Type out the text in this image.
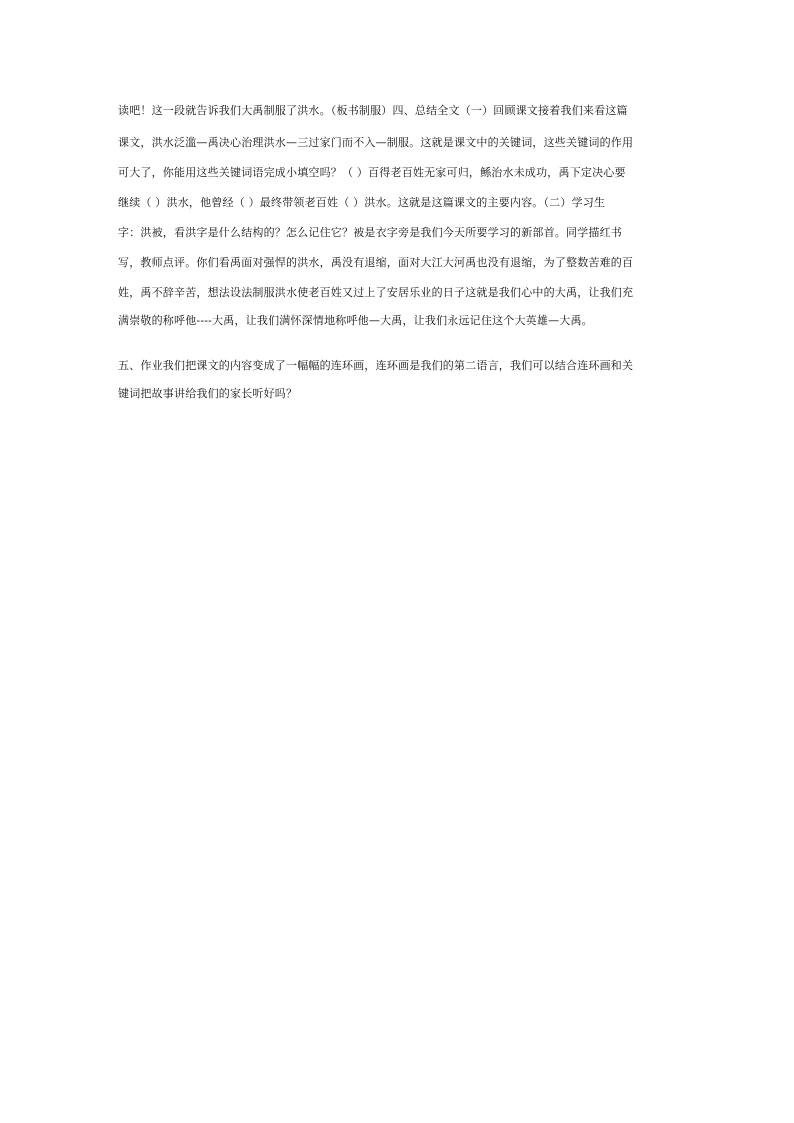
读吧！这一段就告诉我们大禹制服了洪水。（板书制服）四、总结全文（一）回顾课文接着我们来看这篇
课文，洪水泛滥—禹决心治理洪水—三过家门而不入—制服。这就是课文中的关键词，这些关键词的作用
可大了，你能用这些关键词语完成小填空吗？（ ）百得老百姓无家可归，鲧治水未成功，禹下定决心要
继续（ ）洪水，他曾经（ ）最终带领老百姓（ ）洪水。这就是这篇课文的主要内容。（二）学习生
字：洪被，看洪字是什么结构的？怎么记住它？被是衣字旁是我们今天所要学习的新部首。同学描红书
写，教师点评。你们看禹面对强悍的洪水，禹没有退缩，面对大江大河禹也没有退缩，为了整数苦难的百
姓，禹不辞辛苦，想法设法制服洪水使老百姓又过上了安居乐业的日子这就是我们心中的大禹，让我们充
满崇敬的称呼他----大禹，让我们满怀深情地称呼他—大禹，让我们永远记住这个大英雄—大禹。
五、作业我们把课文的内容变成了一幅幅的连环画，连环画是我们的第二语言，我们可以结合连环画和关
键词把故事讲给我们的家长听好吗？
